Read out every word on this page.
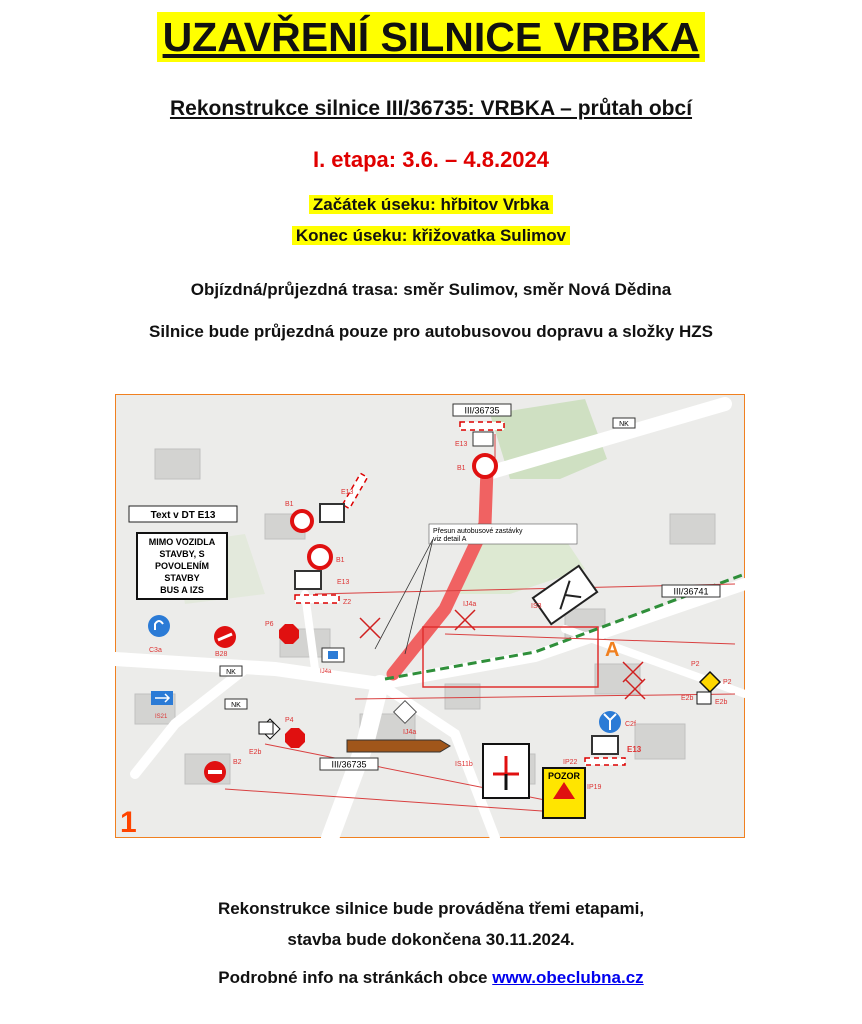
UZAVŘENÍ SILNICE VRBKA
Rekonstrukce silnice III/36735: VRBKA – průtah obcí
I. etapa: 3.6. – 4.8.2024
Začátek úseku: hřbitov Vrbka
Konec úseku: křižovatka Sulimov
Objízdná/průjezdná trasa: směr Sulimov, směr Nová Dědina
Silnice bude průjezdná pouze pro autobusovou dopravu a složky HZS
A
III/36735
III/36735
III/36741
NK
NK
NK
Přesun autobusové zastávky
viz detail A
Text v DT E13
MIMO VOZIDLA
STAVBY, S
POVOLENÍM
STAVBY
BUS A IZS
E13
B1
B1
E13
B1
E13
Z2
C3a
B28
P6
IJ4a
IS21
IJ4a	IS3
P2
P2
E2b
E2b
C2f
E13
P4
E2b
B2
IJ4a
IS11b
POZOR
IP22
IP19
1
Rekonstrukce silnice bude prováděna třemi etapami,
stavba bude dokončena 30.11.2024.
Podrobné info na stránkách obce www.obeclubna.cz
